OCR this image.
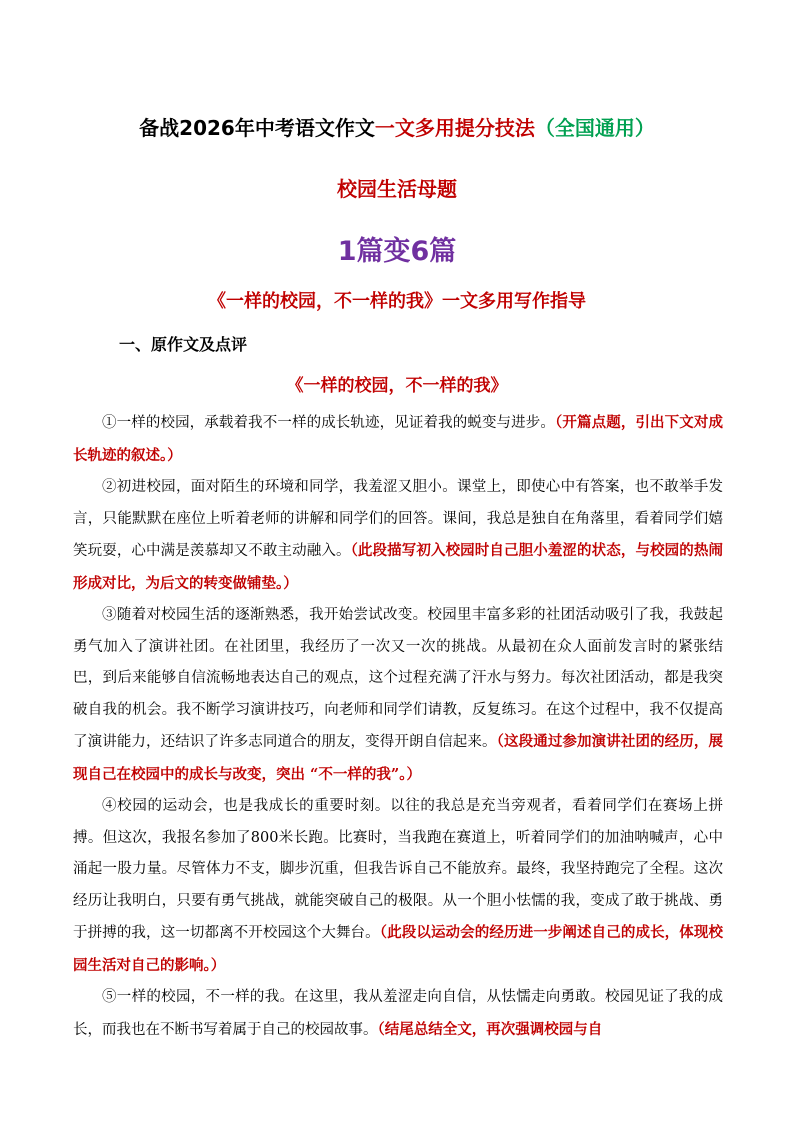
备战2026年中考语文作文一文多用提分技法（全国通用）
校园生活母题
1篇变6篇
《一样的校园，不一样的我》一文多用写作指导
一、原作文及点评
《一样的校园，不一样的我》

①一样的校园，承载着我不一样的成长轨迹，见证着我的蜕变与进步。（开篇点题，引出下文对成长轨迹的叙述。）

②初进校园，面对陌生的环境和同学，我羞涩又胆小。课堂上，即使心中有答案，也不敢举手发言，只能默默在座位上听着老师的讲解和同学们的回答。课间，我总是独自在角落里，看着同学们嬉笑玩耍，心中满是羡慕却又不敢主动融入。（此段描写初入校园时自己胆小羞涩的状态，与校园的热闹形成对比，为后文的转变做铺垫。）

③随着对校园生活的逐渐熟悉，我开始尝试改变。校园里丰富多彩的社团活动吸引了我，我鼓起勇气加入了演讲社团。在社团里，我经历了一次又一次的挑战。从最初在众人面前发言时的紧张结巴，到后来能够自信流畅地表达自己的观点，这个过程充满了汗水与努力。每次社团活动，都是我突破自我的机会。我不断学习演讲技巧，向老师和同学们请教，反复练习。在这个过程中，我不仅提高了演讲能力，还结识了许多志同道合的朋友，变得开朗自信起来。（这段通过参加演讲社团的经历，展现自己在校园中的成长与改变，突出 “不一样的我”。）

④校园的运动会，也是我成长的重要时刻。以往的我总是充当旁观者，看着同学们在赛场上拼搏。但这次，我报名参加了800米长跑。比赛时，当我跑在赛道上，听着同学们的加油呐喊声，心中涌起一股力量。尽管体力不支，脚步沉重，但我告诉自己不能放弃。最终，我坚持跑完了全程。这次经历让我明白，只要有勇气挑战，就能突破自己的极限。从一个胆小怯懦的我，变成了敢于挑战、勇于拼搏的我，这一切都离不开校园这个大舞台。（此段以运动会的经历进一步阐述自己的成长，体现校园生活对自己的影响。）

⑤一样的校园，不一样的我。在这里，我从羞涩走向自信，从怯懦走向勇敢。校园见证了我的成长，而我也在不断书写着属于自己的校园故事。（结尾总结全文，再次强调校园与自
